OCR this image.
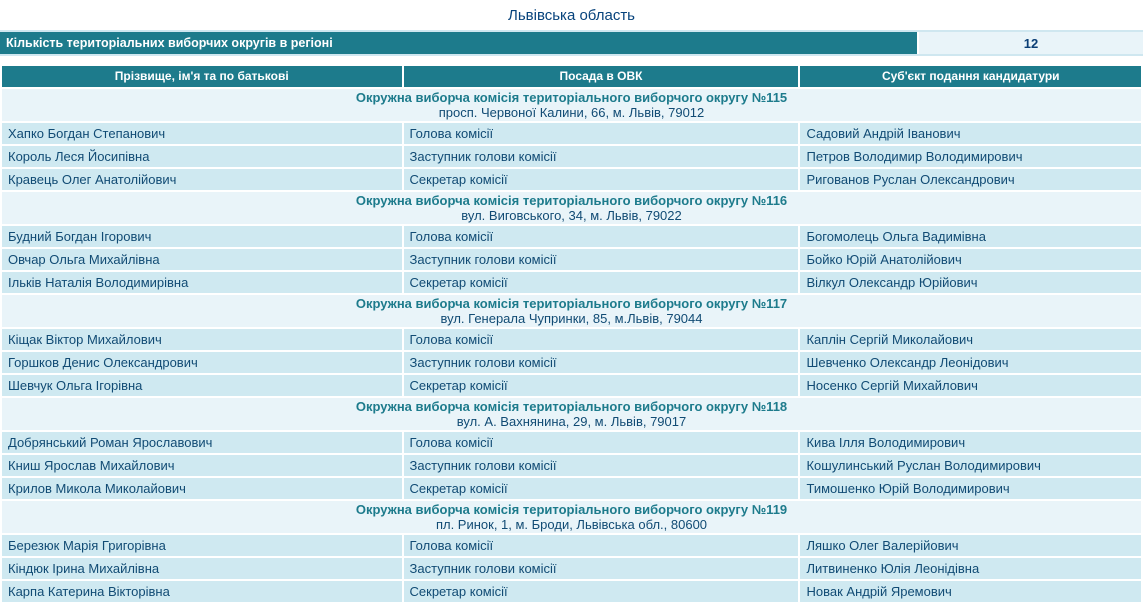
Львівська область
Кількість територіальних виборчих округів в регіоні	12
Прізвище, ім'я та по батькові	Посада в ОВК	Суб'єкт подання кандидатури

Окружна виборча комісія територіального виборчого округу №115
просп. Червоної Калини, 66, м. Львів, 79012		

Хапко Богдан Степанович	Голова комісії	Садовий Андрій Іванович
Король Леся Йосипівна	Заступник голови комісії	Петров Володимир Володимирович
Кравець Олег Анатолійович	Секретар комісії	Ригованов Руслан Олександрович

Окружна виборча комісія територіального виборчого округу №116
вул. Виговського, 34, м. Львів, 79022		

Будний Богдан Ігорович	Голова комісії	Богомолець Ольга Вадимівна
Овчар Ольга Михайлівна	Заступник голови комісії	Бойко Юрій Анатолійович
Ільків Наталія Володимирівна	Секретар комісії	Вілкул Олександр Юрійович

Окружна виборча комісія територіального виборчого округу №117
вул. Генерала Чупринки, 85, м.Львів, 79044		

Кіщак Віктор Михайлович	Голова комісії	Каплін Сергій Миколайович
Горшков Денис Олександрович	Заступник голови комісії	Шевченко Олександр Леонідович
Шевчук Ольга Ігорівна	Секретар комісії	Носенко Сергій Михайлович

Окружна виборча комісія територіального виборчого округу №118
вул. А. Вахнянина, 29, м. Львів, 79017		

Добрянський Роман Ярославович	Голова комісії	Кива Ілля Володимирович
Книш Ярослав Михайлович	Заступник голови комісії	Кошулинський Руслан Володимирович
Крилов Микола Миколайович	Секретар комісії	Тимошенко Юрій Володимирович

Окружна виборча комісія територіального виборчого округу №119
пл. Ринок, 1, м. Броди, Львівська обл., 80600		

Березюк Марія Григорівна	Голова комісії	Ляшко Олег Валерійович
Кіндюк Ірина Михайлівна	Заступник голови комісії	Литвиненко Юлія Леонідівна
Карпа Катерина Вікторівна	Секретар комісії	Новак Андрій Яремович
